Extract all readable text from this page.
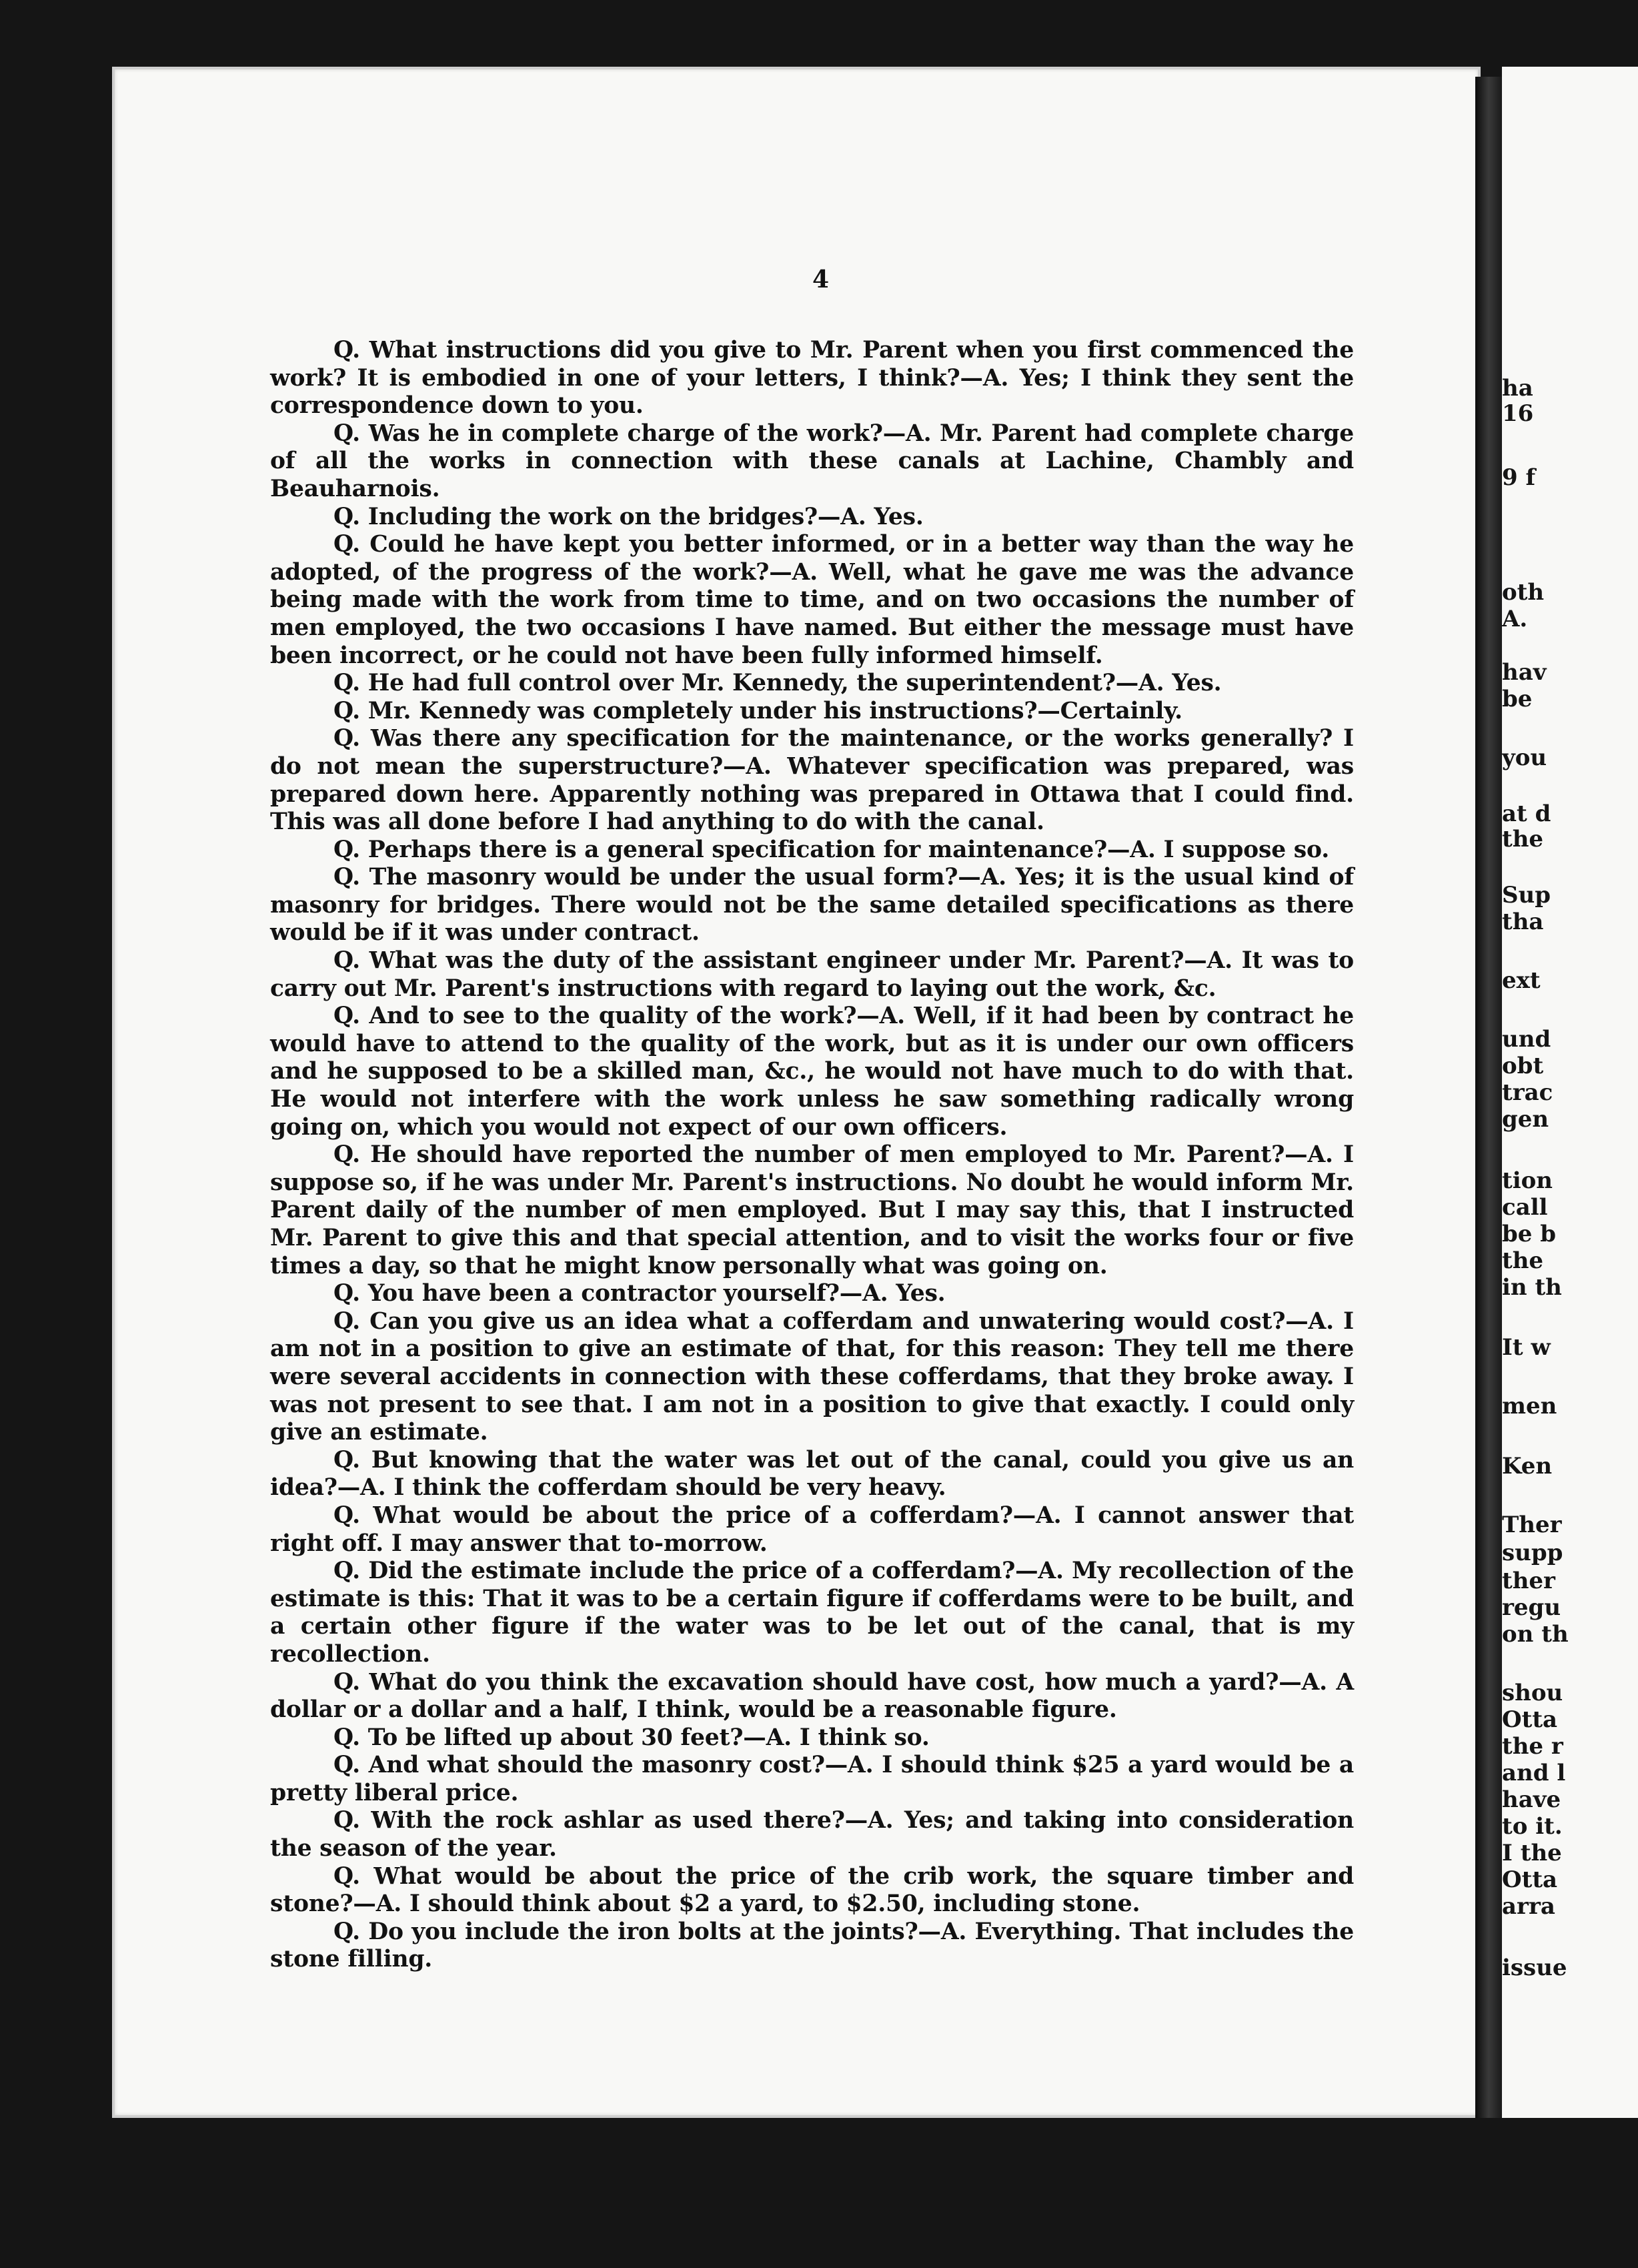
4

Q. What instructions did you give to Mr. Parent when you first commenced the work? It is embodied in one of your letters, I think?—A. Yes; I think they sent the correspondence down to you.

Q. Was he in complete charge of the work?—A. Mr. Parent had complete charge of all the works in connection with these canals at Lachine, Chambly and Beauharnois.

Q. Including the work on the bridges?—A. Yes.

Q. Could he have kept you better informed, or in a better way than the way he adopted, of the progress of the work?—A. Well, what he gave me was the advance being made with the work from time to time, and on two occasions the number of men employed, the two occasions I have named. But either the message must have been incorrect, or he could not have been fully informed himself.

Q. He had full control over Mr. Kennedy, the superintendent?—A. Yes.

Q. Mr. Kennedy was completely under his instructions?—Certainly.

Q. Was there any specification for the maintenance, or the works generally? I do not mean the superstructure?—A. Whatever specification was prepared, was prepared down here. Apparently nothing was prepared in Ottawa that I could find. This was all done before I had anything to do with the canal.

Q. Perhaps there is a general specification for maintenance?—A. I suppose so.

Q. The masonry would be under the usual form?—A. Yes; it is the usual kind of masonry for bridges. There would not be the same detailed specifications as there would be if it was under contract.

Q. What was the duty of the assistant engineer under Mr. Parent?—A. It was to carry out Mr. Parent's instructions with regard to laying out the work, &c.

Q. And to see to the quality of the work?—A. Well, if it had been by contract he would have to attend to the quality of the work, but as it is under our own officers and he supposed to be a skilled man, &c., he would not have much to do with that. He would not interfere with the work unless he saw something radically wrong going on, which you would not expect of our own officers.

Q. He should have reported the number of men employed to Mr. Parent?—A. I suppose so, if he was under Mr. Parent's instructions. No doubt he would inform Mr. Parent daily of the number of men employed. But I may say this, that I instructed Mr. Parent to give this and that special attention, and to visit the works four or five times a day, so that he might know personally what was going on.

Q. You have been a contractor yourself?—A. Yes.

Q. Can you give us an idea what a cofferdam and unwatering would cost?—A. I am not in a position to give an estimate of that, for this reason: They tell me there were several accidents in connection with these cofferdams, that they broke away. I was not present to see that. I am not in a position to give that exactly. I could only give an estimate.

Q. But knowing that the water was let out of the canal, could you give us an idea?—A. I think the cofferdam should be very heavy.

Q. What would be about the price of a cofferdam?—A. I cannot answer that right off. I may answer that to-morrow.

Q. Did the estimate include the price of a cofferdam?—A. My recollection of the estimate is this: That it was to be a certain figure if cofferdams were to be built, and a certain other figure if the water was to be let out of the canal, that is my recollection.

Q. What do you think the excavation should have cost, how much a yard?—A. A dollar or a dollar and a half, I think, would be a reasonable figure.

Q. To be lifted up about 30 feet?—A. I think so.

Q. And what should the masonry cost?—A. I should think $25 a yard would be a pretty liberal price.

Q. With the rock ashlar as used there?—A. Yes; and taking into consideration the season of the year.

Q. What would be about the price of the crib work, the square timber and stone?—A. I should think about $2 a yard, to $2.50, including stone.

Q. Do you include the iron bolts at the joints?—A. Everything. That includes the stone filling.

ha
16
9 f
oth
A.
hav
be
you
at d
the
Sup
tha
ext
und
obt
trac
gen
tion
call
be b
the
in th
It w
men
Ken
Ther
supp
ther
regu
on th
shou
Otta
the r
and l
have
to it.
I the
Otta
arra
issue
